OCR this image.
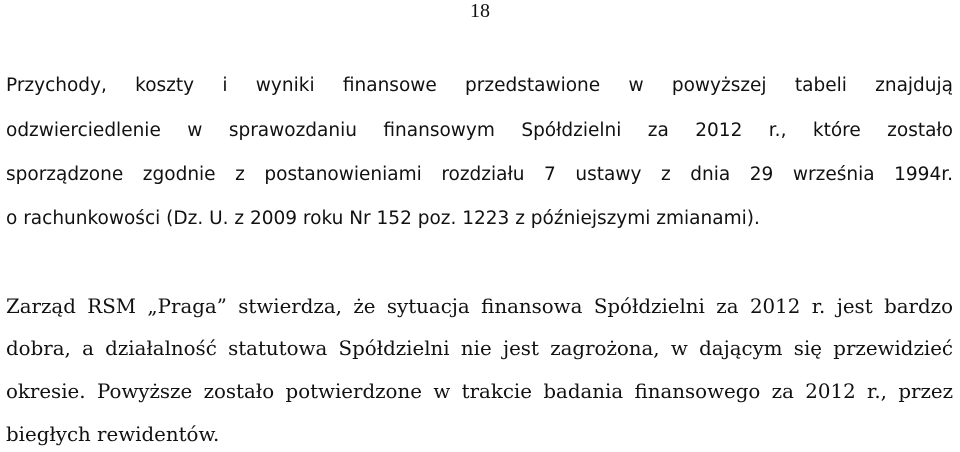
18
Przychody, koszty i wyniki finansowe przedstawione w powyższej tabeli znajdują
odzwierciedlenie w sprawozdaniu finansowym Spółdzielni za 2012 r., które zostało
sporządzone zgodnie z postanowieniami rozdziału 7 ustawy z dnia 29 września 1994r.
o rachunkowości (Dz. U. z 2009 roku Nr 152 poz. 1223 z późniejszymi zmianami).
Zarząd RSM „Praga” stwierdza, że sytuacja finansowa Spółdzielni za 2012 r. jest bardzo
dobra, a działalność statutowa Spółdzielni nie jest zagrożona, w dającym się przewidzieć
okresie. Powyższe zostało potwierdzone w trakcie badania finansowego za 2012 r., przez
biegłych rewidentów.
